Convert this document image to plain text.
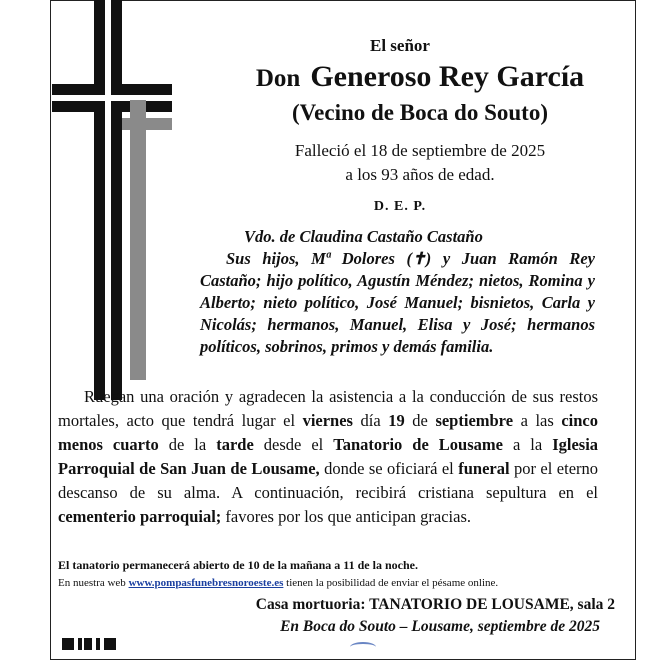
El señor

Don Generoso Rey García

(Vecino de Boca do Souto)

Falleció el 18 de septiembre de 2025

a los 93 años de edad.

D. E. P.

Vdo. de Claudina Castaño Castaño
Sus hijos, Mª Dolores (✝) y Juan Ramón Rey Castaño; hijo político, Agustín Méndez; nietos, Romina y Alberto; nieto político, José Manuel; bisnietos, Carla y Nicolás; hermanos, Manuel, Elisa y José; hermanos políticos, sobrinos, primos y demás familia.

Ruegan una oración y agradecen la asistencia a la conducción de sus restos mortales, acto que tendrá lugar el viernes día 19 de septiembre a las cinco menos cuarto de la tarde desde el Tanatorio de Lousame a la Iglesia Parroquial de San Juan de Lousame, donde se oficiará el funeral por el eterno descanso de su alma. A continuación, recibirá cristiana sepultura en el cementerio parroquial; favores por los que anticipan gracias.

El tanatorio permanecerá abierto de 10 de la mañana a 11 de la noche.

En nuestra web www.pompasfunebresnoroeste.es tienen la posibilidad de enviar el pésame online.

Casa mortuoria: TANATORIO DE LOUSAME, sala 2

En Boca do Souto – Lousame, septiembre de 2025
